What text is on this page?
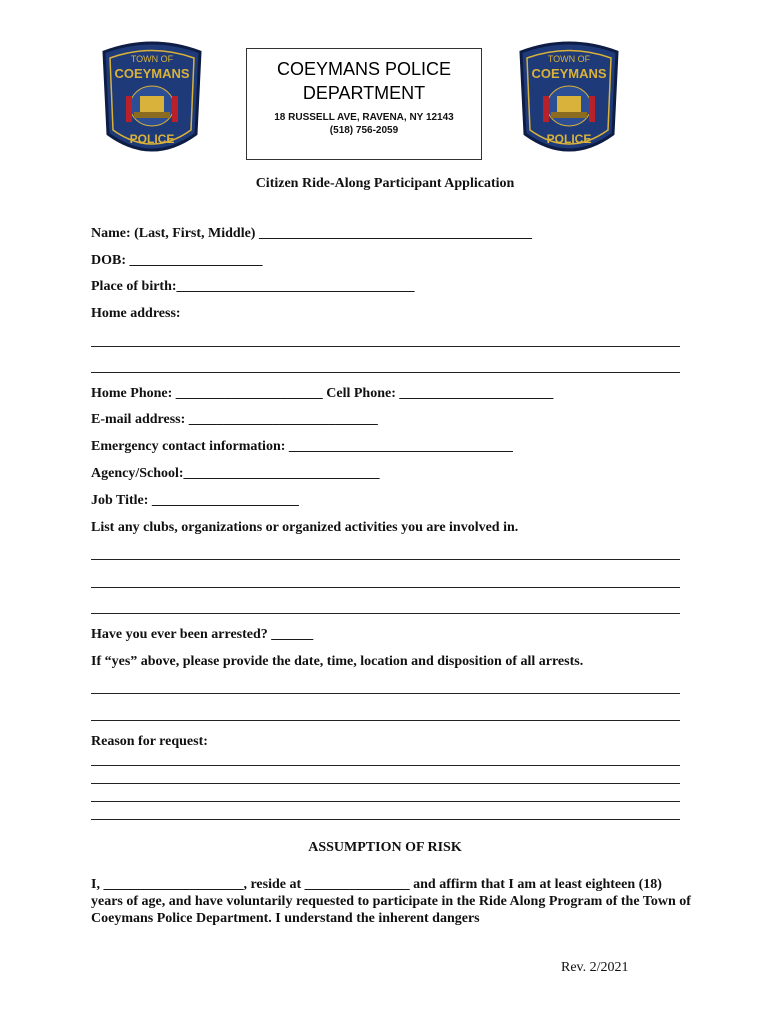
TOWN OF
COEYMANS
POLICE
COEYMANS POLICE DEPARTMENT
18 RUSSELL AVE, RAVENA, NY 12143
(518) 756-2059
TOWN OF
COEYMANS
POLICE
Citizen Ride-Along Participant Application
Name: (Last, First, Middle) _______________________________________
DOB: ___________________
Place of birth:__________________________________
Home address:
Home Phone: _____________________ Cell Phone: ______________________
E-mail address: ___________________________
Emergency contact information: ________________________________
Agency/School:____________________________
Job Title: _____________________
List any clubs, organizations or organized activities you are involved in.
Have you ever been arrested? ______
If “yes” above, please provide the date, time, location and disposition of all arrests.
Reason for request:
ASSUMPTION OF RISK
I, ____________________, reside at _______________ and affirm that I am at least eighteen (18) years of age, and have voluntarily requested to participate in the Ride Along Program of the Town of Coeymans Police Department. I understand the inherent dangers
Rev. 2/2021
